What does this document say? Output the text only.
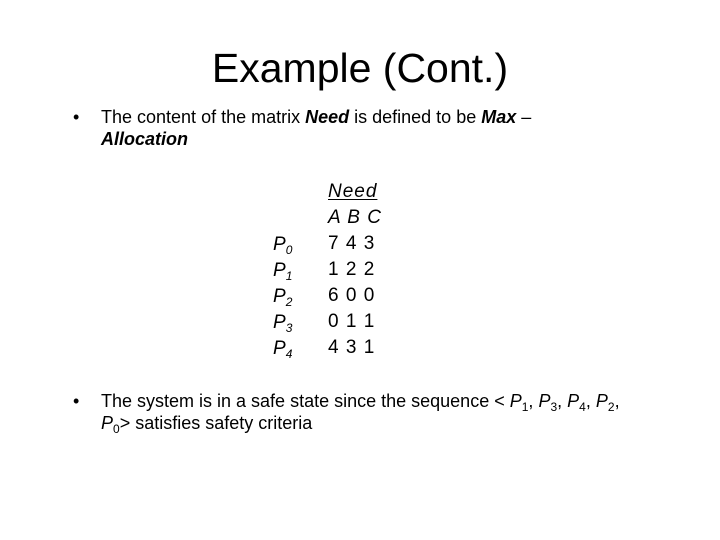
Example (Cont.)
• The content of the matrix Need is defined to be Max –
Allocation
$P_0$
$P_1$
$P_2$
$P_3$
$P_4$
Need
A B C
7 4 3
1 2 2
6 0 0
0 1 1
4 3 1
• The system is in a safe state since the sequence < $P_1$, $P_3$, $P_4$, $P_2$,
$P_0>$ satisfies safety criteria
